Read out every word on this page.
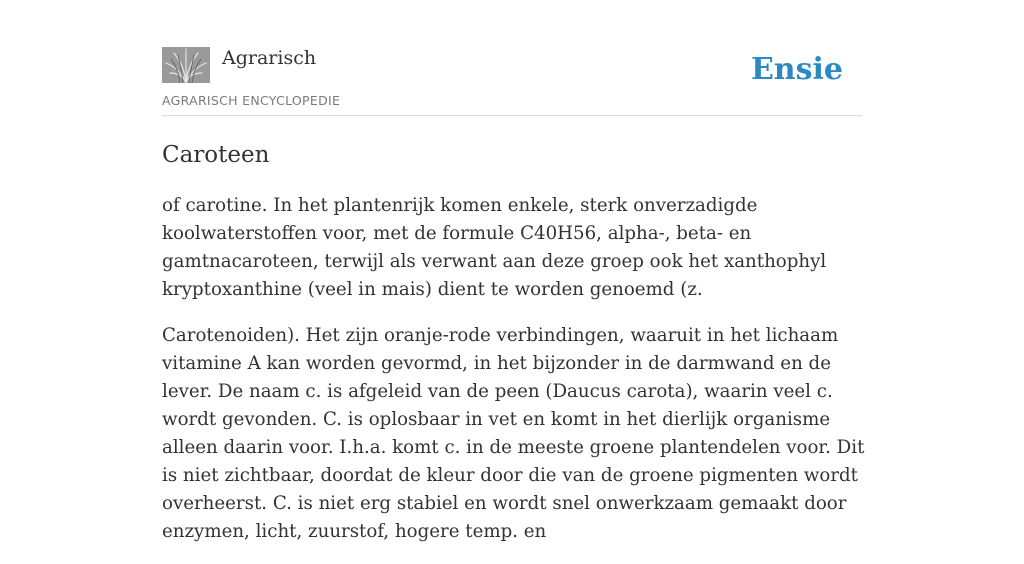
Agrarisch
AGRARISCH ENCYCLOPEDIE
Ensie
Caroteen

of carotine. In het plantenrijk komen enkele, sterk onverzadigde koolwaterstoffen voor, met de formule C40H56, alpha-, beta- en gamtnacaroteen, terwijl als verwant aan deze groep ook het xanthophyl kryptoxanthine (veel in mais) dient te worden genoemd (z.

Carotenoiden). Het zijn oranje-rode verbindingen, waaruit in het lichaam vitamine A kan worden gevormd, in het bijzonder in de darmwand en de lever. De naam c. is afgeleid van de peen (Daucus carota), waarin veel c. wordt gevonden. C. is oplosbaar in vet en komt in het dierlijk organisme alleen daarin voor. I.h.a. komt c. in de meeste groene plantendelen voor. Dit is niet zichtbaar, doordat de kleur door die van de groene pigmenten wordt overheerst. C. is niet erg stabiel en wordt snel onwerkzaam gemaakt door enzymen, licht, zuurstof, hogere temp. en
